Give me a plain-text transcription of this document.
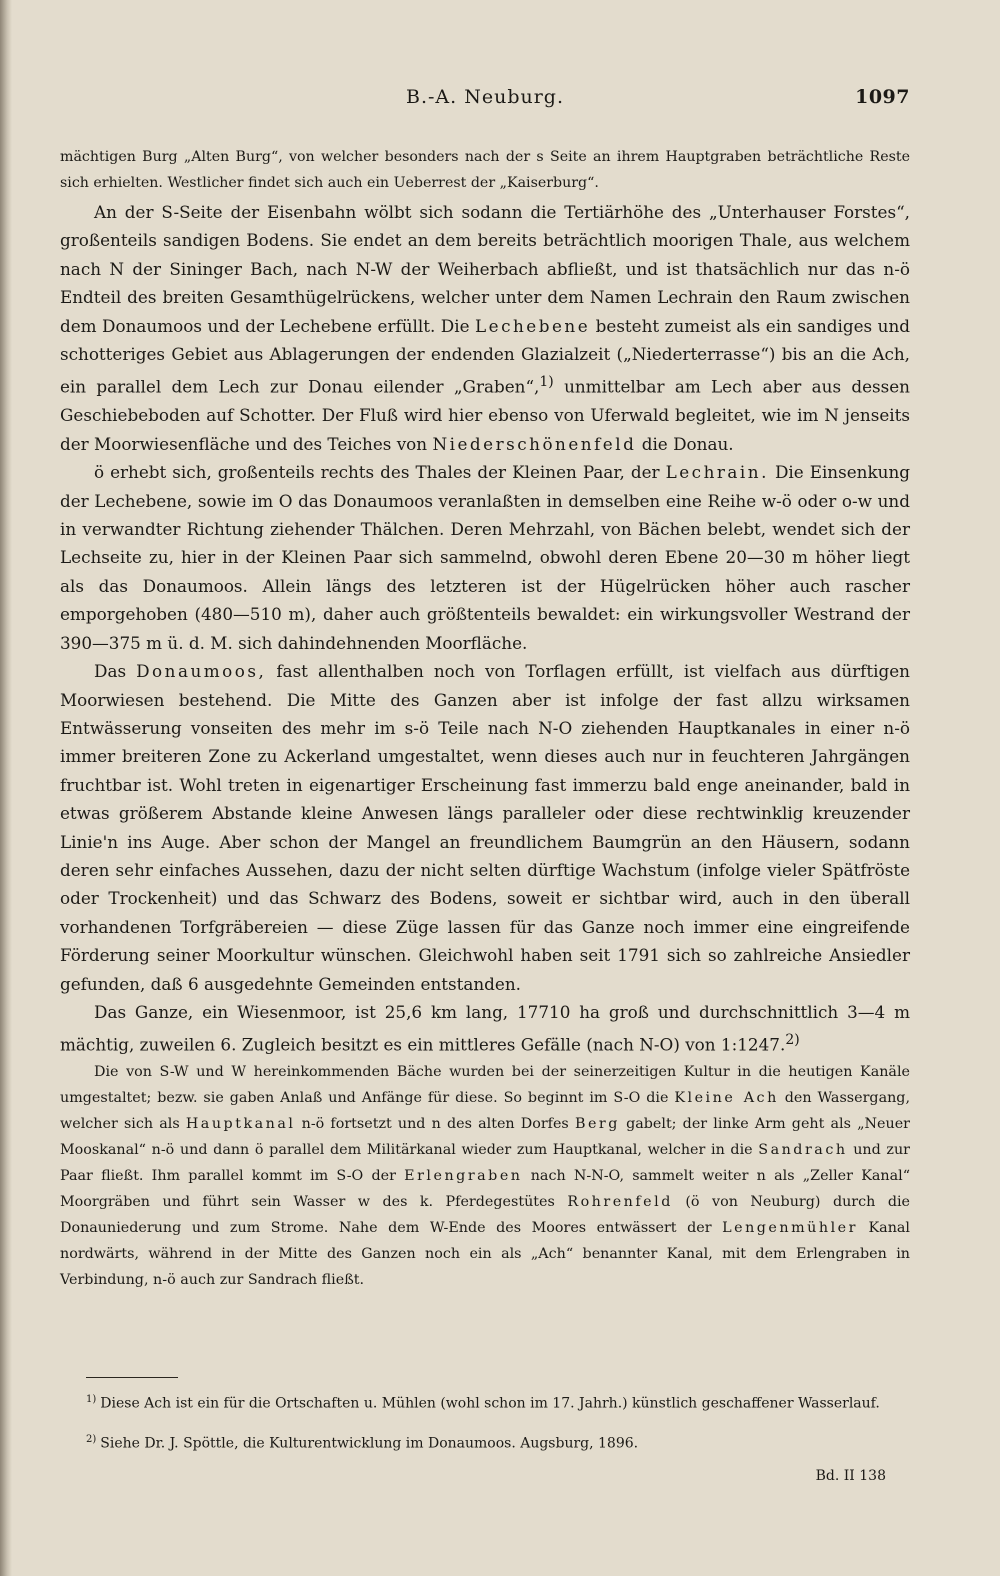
B.-A. Neuburg.	1097

mächtigen Burg „Alten Burg“, von welcher besonders nach der s Seite an ihrem Hauptgraben beträchtliche Reste sich erhielten. Westlicher findet sich auch ein Ueberrest der „Kaiserburg“.

An der S-Seite der Eisenbahn wölbt sich sodann die Tertiärhöhe des „Unterhauser Forstes“, großenteils sandigen Bodens. Sie endet an dem bereits beträchtlich moorigen Thale, aus welchem nach N der Sininger Bach, nach N-W der Weiherbach abfließt, und ist thatsächlich nur das n-ö Endteil des breiten Gesamthügelrückens, welcher unter dem Namen Lechrain den Raum zwischen dem Donaumoos und der Lechebene erfüllt. Die Lechebene besteht zumeist als ein sandiges und schotteriges Gebiet aus Ablagerungen der endenden Glazialzeit („Niederterrasse“) bis an die Ach, ein parallel dem Lech zur Donau eilender „Graben“,$^{1)}$ unmittelbar am Lech aber aus dessen Geschiebeboden auf Schotter. Der Fluß wird hier ebenso von Uferwald begleitet, wie im N jenseits der Moorwiesenfläche und des Teiches von Niederschönenfeld die Donau.

ö erhebt sich, großenteils rechts des Thales der Kleinen Paar, der Lechrain. Die Einsenkung der Lechebene, sowie im O das Donaumoos veranlaßten in demselben eine Reihe w-ö oder o-w und in verwandter Richtung ziehender Thälchen. Deren Mehrzahl, von Bächen belebt, wendet sich der Lechseite zu, hier in der Kleinen Paar sich sammelnd, obwohl deren Ebene 20—30 m höher liegt als das Donaumoos. Allein längs des letzteren ist der Hügelrücken höher auch rascher emporgehoben (480—510 m), daher auch größtenteils bewaldet: ein wirkungsvoller Westrand der 390—375 m ü. d. M. sich dahindehnenden Moorfläche.

Das Donaumoos, fast allenthalben noch von Torflagen erfüllt, ist vielfach aus dürftigen Moorwiesen bestehend. Die Mitte des Ganzen aber ist infolge der fast allzu wirksamen Entwässerung vonseiten des mehr im s-ö Teile nach N-O ziehenden Hauptkanales in einer n-ö immer breiteren Zone zu Ackerland umgestaltet, wenn dieses auch nur in feuchteren Jahrgängen fruchtbar ist. Wohl treten in eigenartiger Erscheinung fast immerzu bald enge aneinander, bald in etwas größerem Abstande kleine Anwesen längs paralleler oder diese rechtwinklig kreuzender Linie'n ins Auge. Aber schon der Mangel an freundlichem Baumgrün an den Häusern, sodann deren sehr einfaches Aussehen, dazu der nicht selten dürftige Wachstum (infolge vieler Spätfröste oder Trockenheit) und das Schwarz des Bodens, soweit er sichtbar wird, auch in den überall vorhandenen Torfgräbereien — diese Züge lassen für das Ganze noch immer eine eingreifende Förderung seiner Moorkultur wünschen. Gleichwohl haben seit 1791 sich so zahlreiche Ansiedler gefunden, daß 6 ausgedehnte Gemeinden entstanden.

Das Ganze, ein Wiesenmoor, ist 25,6 km lang, 17710 ha groß und durchschnittlich 3—4 m mächtig, zuweilen 6. Zugleich besitzt es ein mittleres Gefälle (nach N-O) von 1:1247.$^{2)}$

Die von S-W und W hereinkommenden Bäche wurden bei der seinerzeitigen Kultur in die heutigen Kanäle umgestaltet; bezw. sie gaben Anlaß und Anfänge für diese. So beginnt im S-O die Kleine Ach den Wassergang, welcher sich als Hauptkanal n-ö fortsetzt und n des alten Dorfes Berg gabelt; der linke Arm geht als „Neuer Mooskanal“ n-ö und dann ö parallel dem Militärkanal wieder zum Hauptkanal, welcher in die Sandrach und zur Paar fließt. Ihm parallel kommt im S-O der Erlengraben nach N-N-O, sammelt weiter n als „Zeller Kanal“ Moorgräben und führt sein Wasser w des k. Pferdegestütes Rohrenfeld (ö von Neuburg) durch die Donauniederung und zum Strome. Nahe dem W-Ende des Moores entwässert der Lengenmühler Kanal nordwärts, während in der Mitte des Ganzen noch ein als „Ach“ benannter Kanal, mit dem Erlengraben in Verbindung, n-ö auch zur Sandrach fließt.

$^{1)}$ Diese Ach ist ein für die Ortschaften u. Mühlen (wohl schon im 17. Jahrh.) künstlich geschaffener Wasserlauf.

$^{2)}$ Siehe Dr. J. Spöttle, die Kulturentwicklung im Donaumoos. Augsburg, 1896.

Bd. II 138
